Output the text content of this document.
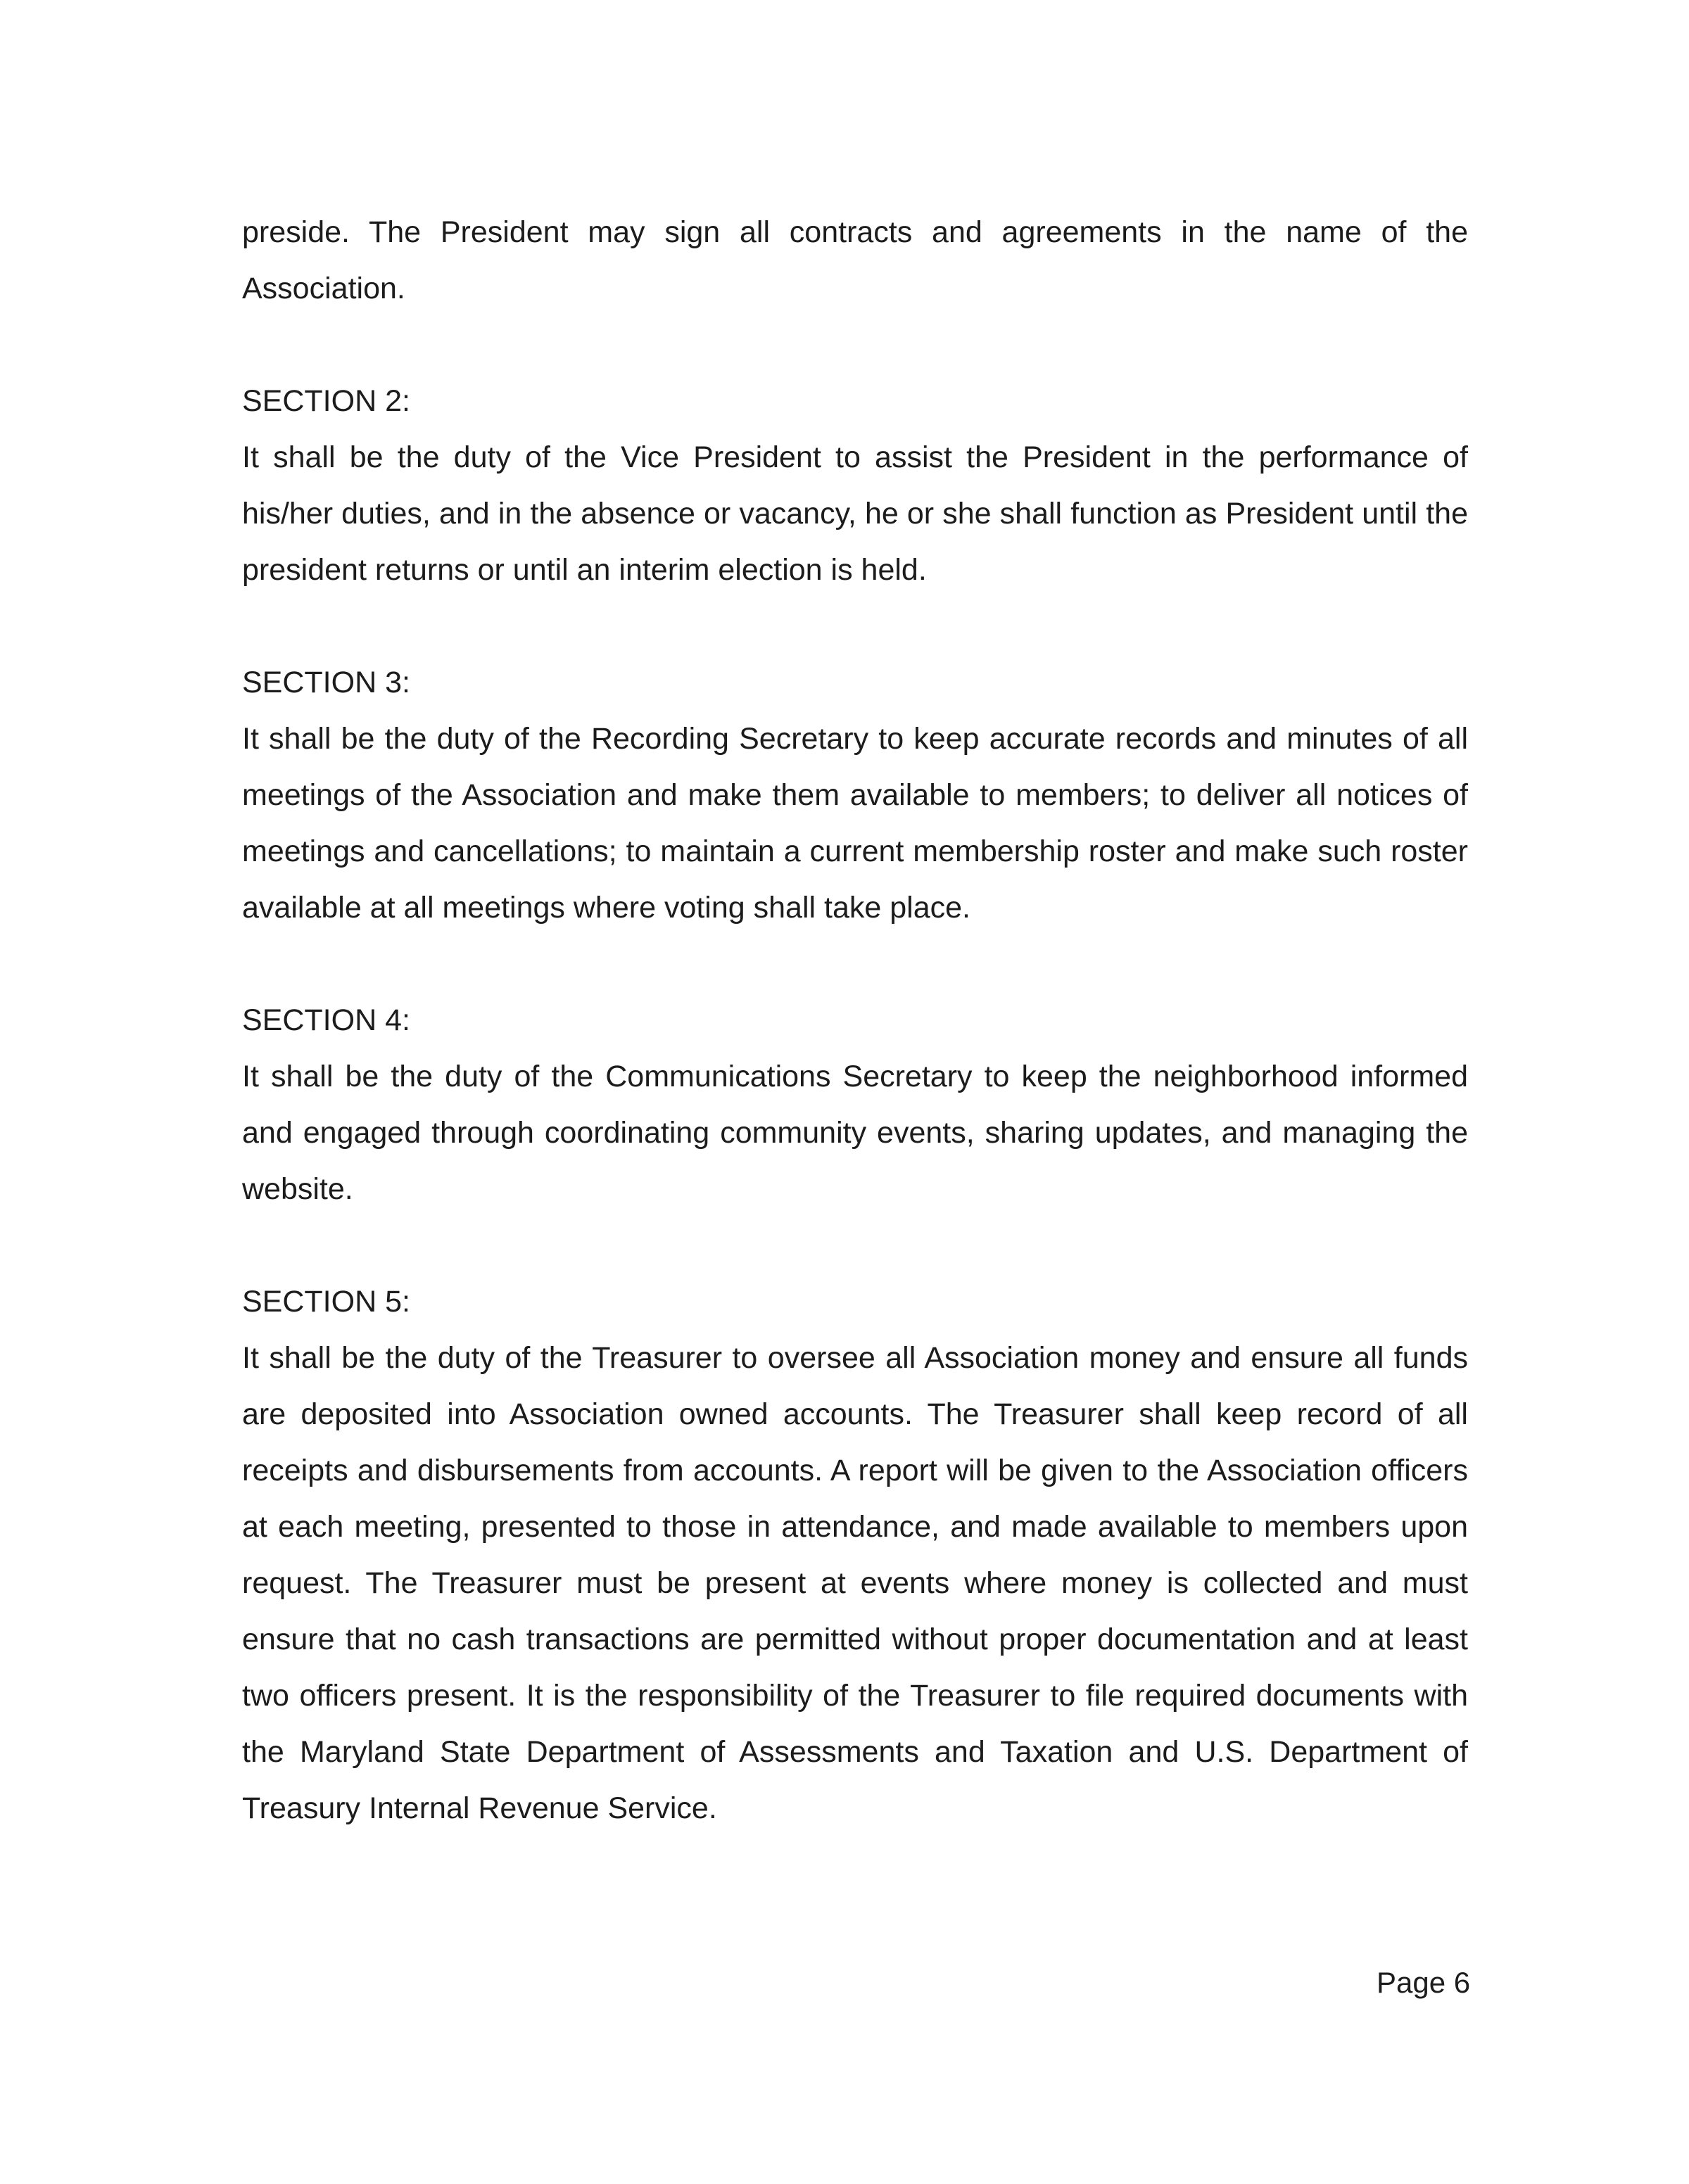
preside. The President may sign all contracts and agreements in the name of the Association.

SECTION 2:

It shall be the duty of the Vice President to assist the President in the performance of his/her duties, and in the absence or vacancy, he or she shall function as President until the president returns or until an interim election is held.

SECTION 3:

It shall be the duty of the Recording Secretary to keep accurate records and minutes of all meetings of the Association and make them available to members; to deliver all notices of meetings and cancellations; to maintain a current membership roster and make such roster available at all meetings where voting shall take place.

SECTION 4:

It shall be the duty of the Communications Secretary to keep the neighborhood informed and engaged through coordinating community events, sharing updates, and managing the website.

SECTION 5:

It shall be the duty of the Treasurer to oversee all Association money and ensure all funds are deposited into Association owned accounts. The Treasurer shall keep record of all receipts and disbursements from accounts. A report will be given to the Association officers at each meeting, presented to those in attendance, and made available to members upon request. The Treasurer must be present at events where money is collected and must ensure that no cash transactions are permitted without proper documentation and at least two officers present. It is the responsibility of the Treasurer to file required documents with the Maryland State Department of Assessments and Taxation and U.S. Department of Treasury Internal Revenue Service.

Page 6
